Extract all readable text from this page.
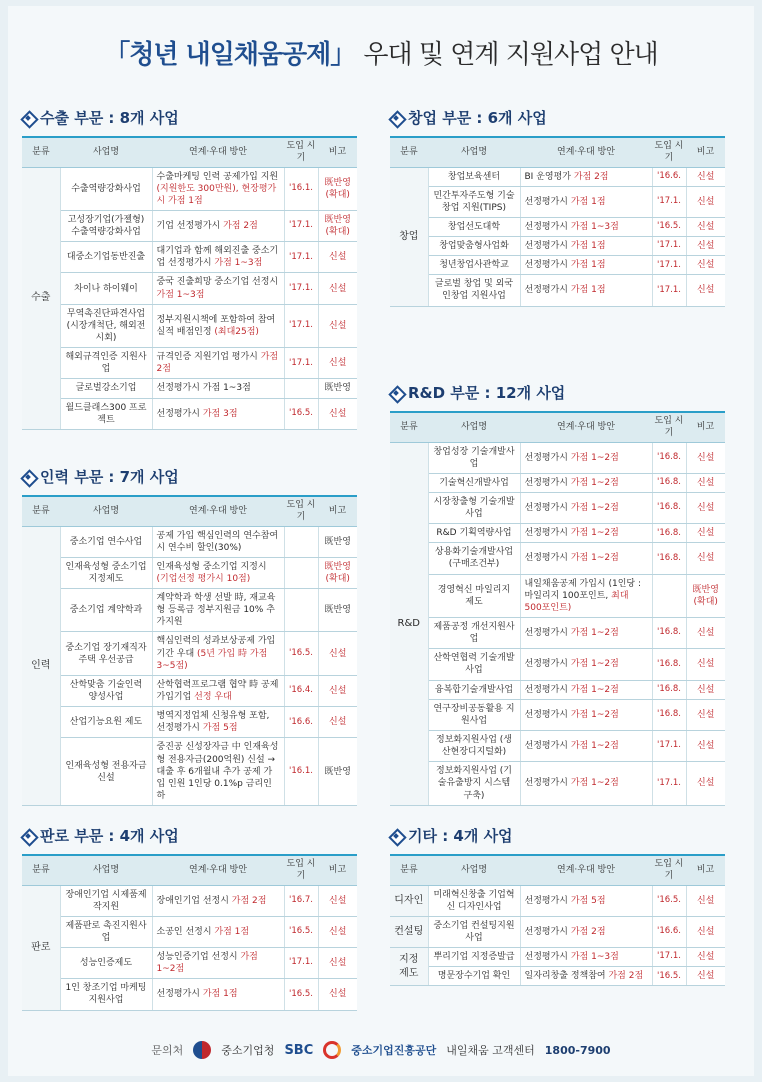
「청년 내일채움공제」 우대 및 연계 지원사업 안내
수출 부문 : 8개 사업
분류	사업명	연계·우대 방안	도입 시기	비고
수출	수출역량강화사업	수출마케팅 인력 공제가입 지원 (지원한도 300만원), 현장평가시 가점 1점	'16.1.	既반영 (확대)
	고성장기업(가젤형) 수출역량강화사업	기업 선정평가시 가점 2점	'17.1.	既반영 (확대)
	대중소기업동반진출	대기업과 함께 해외진출 중소기업 선정평가시 가점 1~3점	'17.1.	신설
	차이나 하이웨이	중국 진출희망 중소기업 선정시 가점 1~3점	'17.1.	신설
	무역촉진단파견사업 (시장개척단, 해외전시회)	정부지원시책에 포함하여 참여실적 배점인정 (최대25점)	'17.1.	신설
	해외규격인증 지원사업	규격인증 지원기업 평가시 가점 2점	'17.1.	신설
	글로벌강소기업	선정평가시 가점 1~3점		既반영
	월드클래스300 프로젝트	선정평가시 가점 3점	'16.5.	신설
인력 부문 : 7개 사업
분류	사업명	연계·우대 방안	도입 시기	비고
인력	중소기업 연수사업	공제 가입 핵심인력의 연수참여시 연수비 할인(30%)		既반영
	인재육성형 중소기업 지정제도	인재육성형 중소기업 지정시 (기업선정 평가시 10점)		既반영 (확대)
	중소기업 계약학과	계약학과 학생 선발 時, 재교육형 등록금 정부지원금 10% 추가지원		既반영
	중소기업 장기재직자 주택 우선공급	핵심인력의 성과보상공제 가입기간 우대 (5년 가입 時 가점 3~5점)	'16.5.	신설
	산학맞춤 기술인력 양성사업	산학협력프로그램 협약 時 공제가입기업 선정 우대	'16.4.	신설
	산업기능요원 제도	병역지정업체 신청유형 포함, 선정평가시 가점 5점	'16.6.	신설
	인재육성형 전용자금 신설	중진공 신성장자금 中 인재육성형 전용자금(200억원) 신설 → 대출 후 6개월내 추가 공제 가입 인원 1인당 0.1%p 금리인하	'16.1.	既반영
판로 부문 : 4개 사업
분류	사업명	연계·우대 방안	도입 시기	비고
판로	장애인기업 시제품제작지원	장애인기업 선정시 가점 2점	'16.7.	신설
	제품판로 촉진지원사업	소공인 선정시 가점 1점	'16.5.	신설
	성능인증제도	성능인증기업 선정시 가점 1~2점	'17.1.	신설
	1인 창조기업 마케팅 지원사업	선정평가시 가점 1점	'16.5.	신설
창업 부문 : 6개 사업
분류	사업명	연계·우대 방안	도입 시기	비고
창업	창업보육센터	BI 운영평가 가점 2점	'16.6.	신설
	민간투자주도형 기술창업 지원(TIPS)	선정평가시 가점 1점	'17.1.	신설
	창업선도대학	선정평가시 가점 1~3점	'16.5.	신설
	창업맞춤형사업화	선정평가시 가점 1점	'17.1.	신설
	청년창업사관학교	선정평가시 가점 1점	'17.1.	신설
	글로벌 창업 및 외국인창업 지원사업	선정평가시 가점 1점	'17.1.	신설
R&D 부문 : 12개 사업
분류	사업명	연계·우대 방안	도입 시기	비고
R&D	창업성장 기술개발사업	선정평가시 가점 1~2점	'16.8.	신설
	기술혁신개발사업	선정평가시 가점 1~2점	'16.8.	신설
	시장창출형 기술개발사업	선정평가시 가점 1~2점	'16.8.	신설
	R&D 기획역량사업	선정평가시 가점 1~2점	'16.8.	신설
	상용화기술개발사업 (구매조건부)	선정평가시 가점 1~2점	'16.8.	신설
	경영혁신 마일리지 제도	내일채움공제 가입시 (1인당 : 마일리지 100포인트, 최대 500포인트)		既반영 (확대)
	제품공정 개선지원사업	선정평가시 가점 1~2점	'16.8.	신설
	산학연협력 기술개발사업	선정평가시 가점 1~2점	'16.8.	신설
	융복합기술개발사업	선정평가시 가점 1~2점	'16.8.	신설
	연구장비공동활용 지원사업	선정평가시 가점 1~2점	'16.8.	신설
	정보화지원사업 (생산현장디지털화)	선정평가시 가점 1~2점	'17.1.	신설
	정보화지원사업 (기술유출방지 시스템 구축)	선정평가시 가점 1~2점	'17.1.	신설
기타 : 4개 사업
분류	사업명	연계·우대 방안	도입 시기	비고
디자인	미래혁신창출 기업혁신 디자인사업	선정평가시 가점 5점	'16.5.	신설
컨설팅	중소기업 컨설팅지원사업	선정평가시 가점 2점	'16.6.	신설
지정 제도	뿌리기업 지정증발급	선정평가시 가점 1~3점	'17.1.	신설
	명문장수기업 확인	일자리창출 정책참여 가점 2점	'16.5.	신설
문의처	중소기업청 SBC	중소기업진흥공단 내일채움 고객센터 1800-7900
